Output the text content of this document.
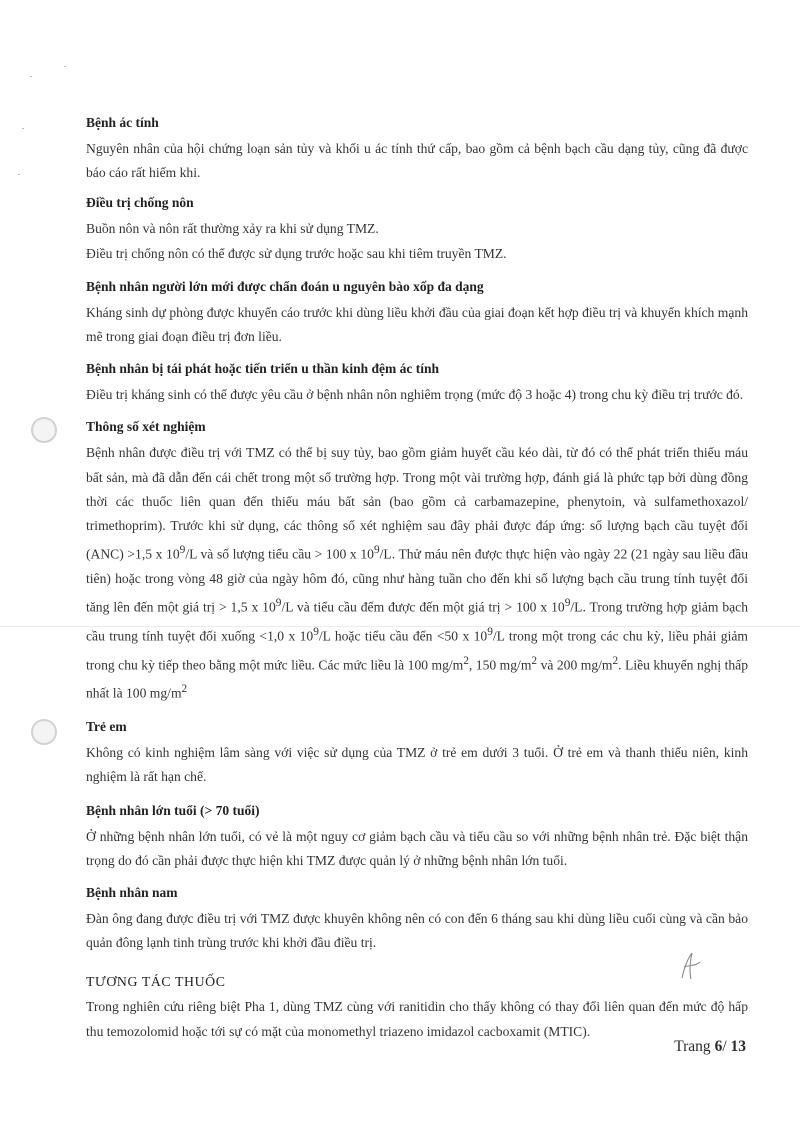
Bệnh ác tính

Nguyên nhân của hội chứng loạn sản tủy và khối u ác tính thứ cấp, bao gồm cả bệnh bạch cầu dạng tủy, cũng đã được báo cáo rất hiếm khi.

Điều trị chống nôn

Buồn nôn và nôn rất thường xảy ra khi sử dụng TMZ.

Điều trị chống nôn có thể được sử dụng trước hoặc sau khi tiêm truyền TMZ.

Bệnh nhân người lớn mới được chẩn đoán u nguyên bào xốp đa dạng

Kháng sinh dự phòng được khuyến cáo trước khi dùng liều khởi đầu của giai đoạn kết hợp điều trị và khuyến khích mạnh mẽ trong giai đoạn điều trị đơn liều.

Bệnh nhân bị tái phát hoặc tiến triển u thần kinh đệm ác tính

Điều trị kháng sinh có thể được yêu cầu ở bệnh nhân nôn nghiêm trọng (mức độ 3 hoặc 4) trong chu kỳ điều trị trước đó.

Thông số xét nghiệm

Bệnh nhân được điều trị với TMZ có thể bị suy tủy, bao gồm giảm huyết cầu kéo dài, từ đó có thể phát triển thiếu máu bất sản, mà đã dẫn đến cái chết trong một số trường hợp. Trong một vài trường hợp, đánh giá là phức tạp bởi dùng đồng thời các thuốc liên quan đến thiếu máu bất sản (bao gồm cả carbamazepine, phenytoin, và sulfamethoxazol/ trimethoprim). Trước khi sử dụng, các thông số xét nghiệm sau đây phải được đáp ứng: số lượng bạch cầu tuyệt đối (ANC) >1,5 x $10^9/L$ và số lượng tiểu cầu > 100 x $10^9/L$. Thử máu nên được thực hiện vào ngày 22 (21 ngày sau liều đầu tiên) hoặc trong vòng 48 giờ của ngày hôm đó, cũng như hàng tuần cho đến khi số lượng bạch cầu trung tính tuyệt đối tăng lên đến một giá trị > 1,5 x $10^9/L$ và tiểu cầu đếm được đến một giá trị > 100 x $10^9/L$. Trong trường hợp giảm bạch cầu trung tính tuyệt đối xuống <1,0 x $10^9/L$ hoặc tiểu cầu đến <50 x $10^9/L$ trong một trong các chu kỳ, liều phải giảm trong chu kỳ tiếp theo bằng một mức liều. Các mức liều là 100 $mg/m^2$, 150 $mg/m^2$ và 200 $mg/m^2$. Liều khuyến nghị thấp nhất là 100 $mg/m^2$

Trẻ em

Không có kinh nghiệm lâm sàng với việc sử dụng của TMZ ở trẻ em dưới 3 tuổi. Ở trẻ em và thanh thiếu niên, kinh nghiệm là rất hạn chế.

Bệnh nhân lớn tuổi (> 70 tuổi)

Ở những bệnh nhân lớn tuổi, có vẻ là một nguy cơ giảm bạch cầu và tiểu cầu so với những bệnh nhân trẻ. Đặc biệt thận trọng do đó cần phải được thực hiện khi TMZ được quản lý ở những bệnh nhân lớn tuổi.

Bệnh nhân nam

Đàn ông đang được điều trị với TMZ được khuyên không nên có con đến 6 tháng sau khi dùng liều cuối cùng và cần bảo quản đông lạnh tinh trùng trước khi khởi đầu điều trị.

TƯƠNG TÁC THUỐC

Trong nghiên cứu riêng biệt Pha 1, dùng TMZ cùng với ranitidin cho thấy không có thay đổi liên quan đến mức độ hấp thu temozolomid hoặc tới sự có mặt của monomethyl triazeno imidazol cacboxamit (MTIC).

Trang 6/ 13
